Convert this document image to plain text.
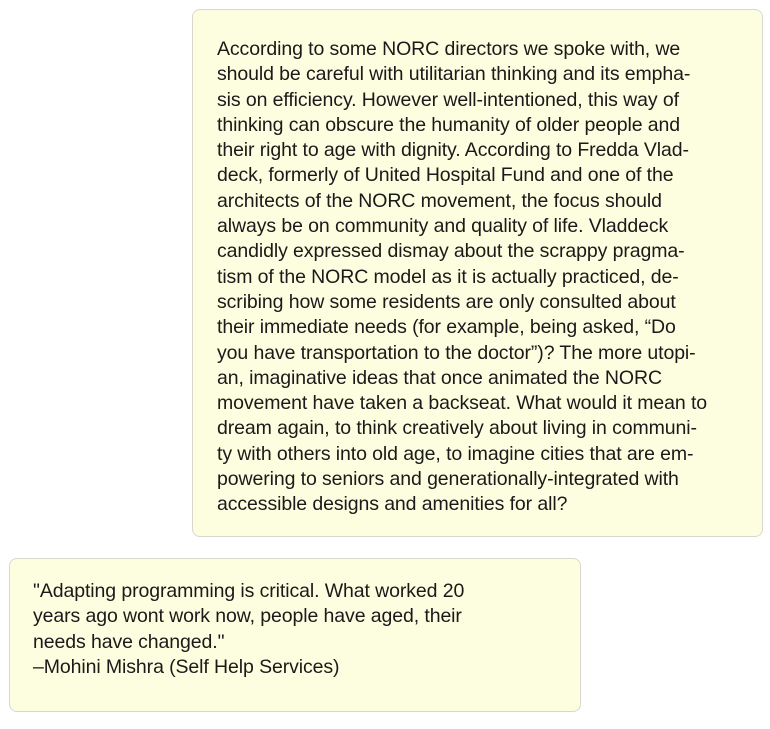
According to some NORC directors we spoke with, we
should be careful with utilitarian thinking and its empha-
sis on efficiency. However well-intentioned, this way of
thinking can obscure the humanity of older people and
their right to age with dignity. According to Fredda Vlad-
deck, formerly of United Hospital Fund and one of the
architects of the NORC movement, the focus should
always be on community and quality of life. Vladdeck
candidly expressed dismay about the scrappy pragma-
tism of the NORC model as it is actually practiced, de-
scribing how some residents are only consulted about
their immediate needs (for example, being asked, “Do
you have transportation to the doctor”)? The more utopi-
an, imaginative ideas that once animated the NORC
movement have taken a backseat. What would it mean to
dream again, to think creatively about living in communi-
ty with others into old age, to imagine cities that are em-
powering to seniors and generationally-integrated with
accessible designs and amenities for all?
"Adapting programming is critical. What worked 20
years ago wont work now, people have aged, their
needs have changed."
–Mohini Mishra (Self Help Services)
